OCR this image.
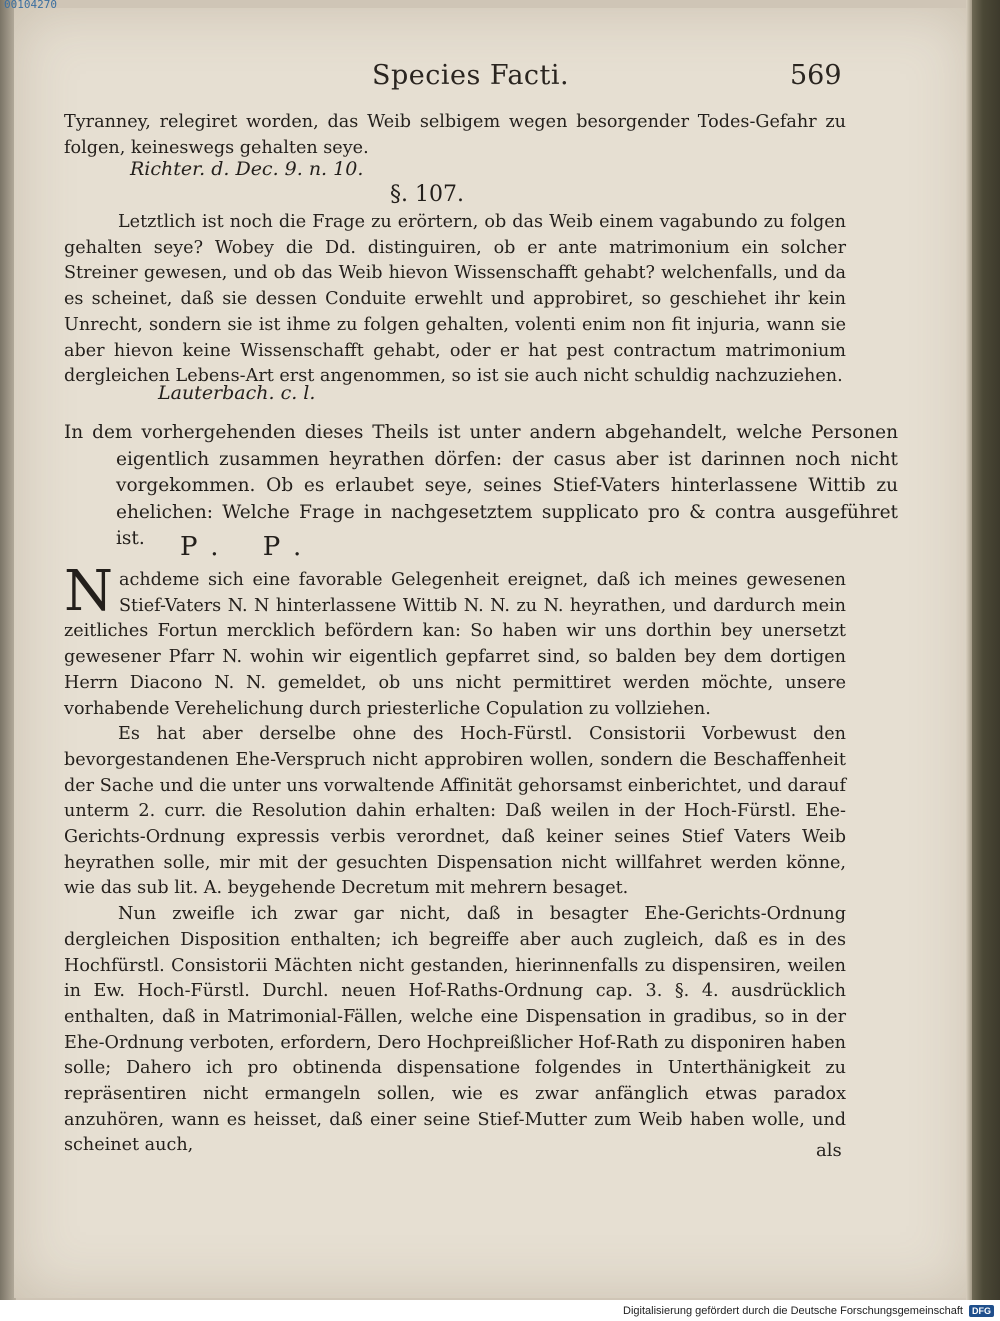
00104270
Species Facti.	569

Tyranney, relegiret worden, das Weib selbigem wegen besorgender Todes-Gefahr zu folgen, keineswegs gehalten seye.

Richter. d. Dec. 9. n. 10.
§. 107.

Letztlich ist noch die Frage zu erörtern, ob das Weib einem vagabundo zu folgen gehalten seye? Wobey die Dd. distinguiren, ob er ante matrimonium ein solcher Streiner gewesen, und ob das Weib hievon Wissenschafft gehabt? welchenfalls, und da es scheinet, daß sie dessen Conduite erwehlt und approbiret, so geschiehet ihr kein Unrecht, sondern sie ist ihme zu folgen gehalten, volenti enim non fit injuria, wann sie aber hievon keine Wissenschafft gehabt, oder er hat pest contractum matrimonium dergleichen Lebens-Art erst angenommen, so ist sie auch nicht schuldig nachzuziehen.

Lauterbach. c. l.

In dem vorhergehenden dieses Theils ist unter andern abgehandelt, welche Personen eigentlich zusammen heyrathen dörfen: der casus aber ist darinnen noch nicht vorgekommen. Ob es erlaubet seye, seines Stief-Vaters hinterlassene Wittib zu ehelichen: Welche Frage in nachgesetztem supplicato pro & contra ausgeführet ist.	P. P.

Nachdeme sich eine favorable Gelegenheit ereignet, daß ich meines gewesenen Stief-Vaters N. N hinterlassene Wittib N. N. zu N. heyrathen, und dardurch mein zeitliches Fortun mercklich befördern kan: So haben wir uns dorthin bey unersetzt gewesener Pfarr N. wohin wir eigentlich gepfarret sind, so balden bey dem dortigen Herrn Diacono N. N. gemeldet, ob uns nicht permittiret werden möchte, unsere vorhabende Verehelichung durch priesterliche Copulation zu vollziehen.

Es hat aber derselbe ohne des Hoch-Fürstl. Consistorii Vorbewust den bevorgestandenen Ehe-Verspruch nicht approbiren wollen, sondern die Beschaffenheit der Sache und die unter uns vorwaltende Affinität gehorsamst einberichtet, und darauf unterm 2. curr. die Resolution dahin erhalten: Daß weilen in der Hoch-Fürstl. Ehe-Gerichts-Ordnung expressis verbis verordnet, daß keiner seines Stief Vaters Weib heyrathen solle, mir mit der gesuchten Dispensation nicht willfahret werden könne, wie das sub lit. A. beygehende Decretum mit mehrern besaget.

Nun zweifle ich zwar gar nicht, daß in besagter Ehe-Gerichts-Ordnung dergleichen Disposition enthalten; ich begreiffe aber auch zugleich, daß es in des Hochfürstl. Consistorii Mächten nicht gestanden, hierinnenfalls zu dispensiren, weilen in Ew. Hoch-Fürstl. Durchl. neuen Hof-Raths-Ordnung cap. 3. §. 4. ausdrücklich enthalten, daß in Matrimonial-Fällen, welche eine Dispensation in gradibus, so in der Ehe-Ordnung verboten, erfordern, Dero Hochpreißlicher Hof-Rath zu disponiren haben solle; Dahero ich pro obtinenda dispensatione folgendes in Unterthänigkeit zu repräsentiren nicht ermangeln sollen, wie es zwar anfänglich etwas paradox anzuhören, wann es heisset, daß einer seine Stief-Mutter zum Weib haben wolle, und scheinet auch,	als
Digitalisierung gefördert durch die Deutsche Forschungsgemeinschaft	DFG
